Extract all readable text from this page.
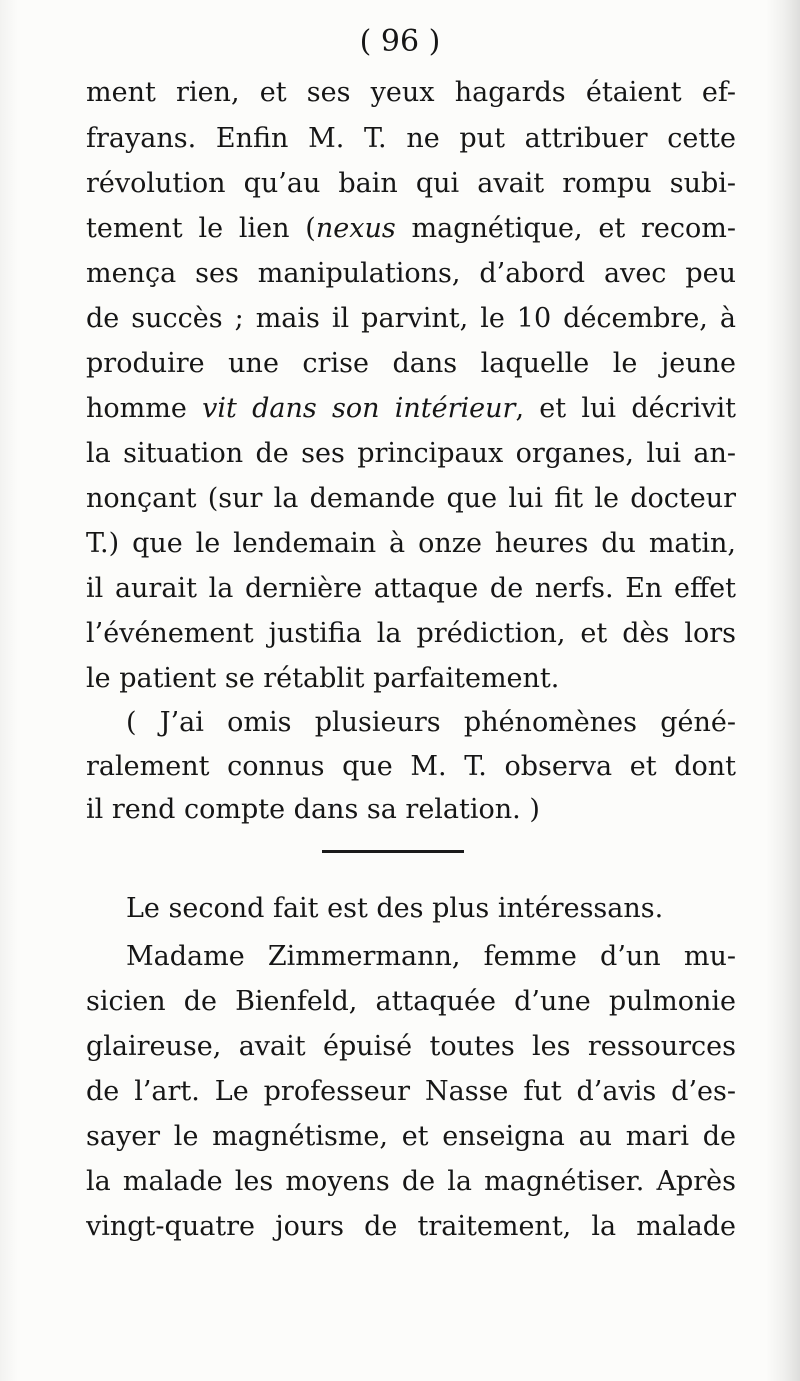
( 96 )
ment rien, et ses yeux hagards étaient ef-
frayans. Enfin M. T. ne put attribuer cette
révolution qu’au bain qui avait rompu subi-
tement le lien (nexus magnétique, et recom-
mença ses manipulations, d’abord avec peu
de succès ; mais il parvint, le 10 décembre, à
produire une crise dans laquelle le jeune
homme vit dans son intérieur, et lui décrivit
la situation de ses principaux organes, lui an-
nonçant (sur la demande que lui fit le docteur
T.) que le lendemain à onze heures du matin,
il aurait la dernière attaque de nerfs. En effet
l’événement justifia la prédiction, et dès lors
le patient se rétablit parfaitement.
( J’ai omis plusieurs phénomènes géné-
ralement connus que M. T. observa et dont
il rend compte dans sa relation. )
Le second fait est des plus intéressans.
Madame Zimmermann, femme d’un mu-
sicien de Bienfeld, attaquée d’une pulmonie
glaireuse, avait épuisé toutes les ressources
de l’art. Le professeur Nasse fut d’avis d’es-
sayer le magnétisme, et enseigna au mari de
la malade les moyens de la magnétiser. Après
vingt-quatre jours de traitement, la malade
